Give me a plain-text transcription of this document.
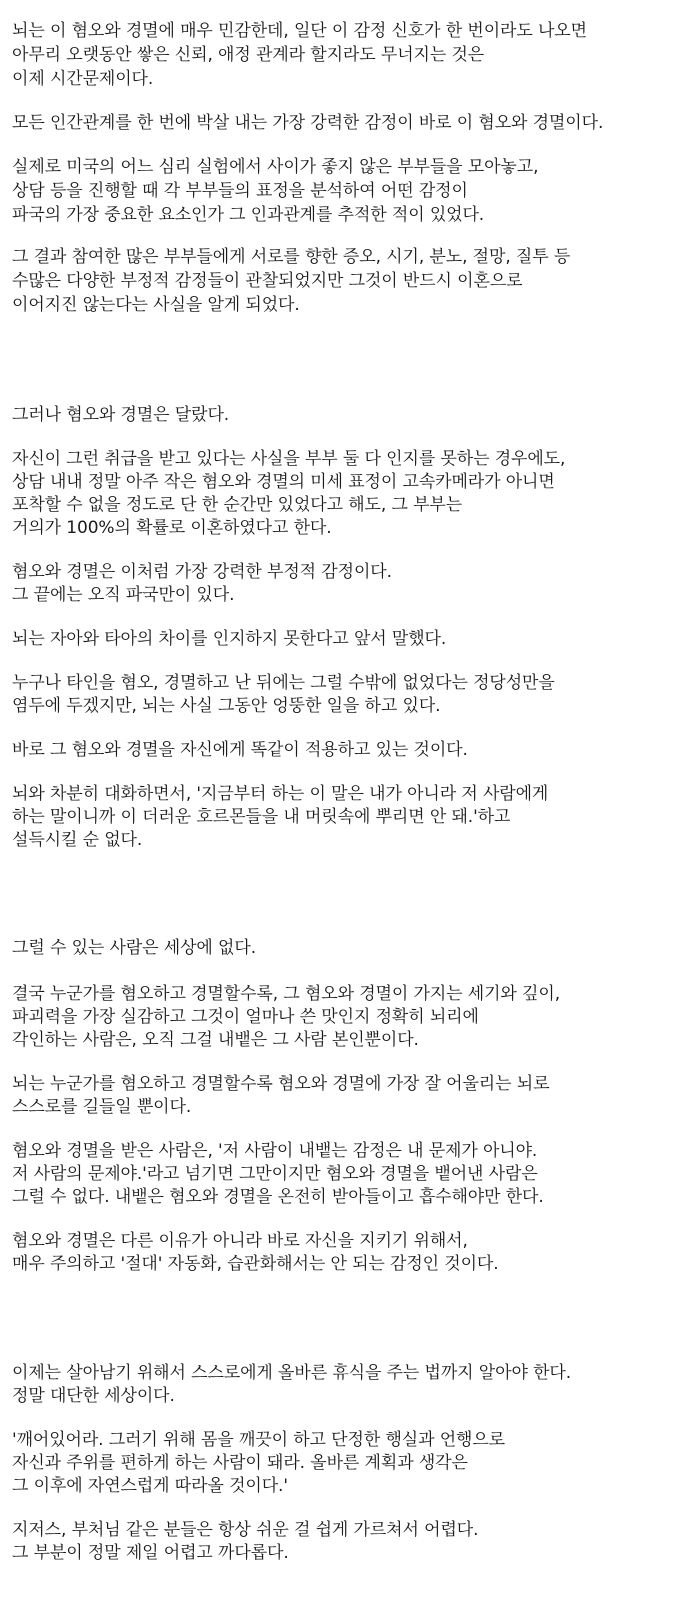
뇌는 이 혐오와 경멸에 매우 민감한데, 일단 이 감정 신호가 한 번이라도 나오면

아무리 오랫동안 쌓은 신뢰, 애정 관계라 할지라도 무너지는 것은

이제 시간문제이다.

모든 인간관계를 한 번에 박살 내는 가장 강력한 감정이 바로 이 혐오와 경멸이다.

실제로 미국의 어느 심리 실험에서 사이가 좋지 않은 부부들을 모아놓고,

상담 등을 진행할 때 각 부부들의 표정을 분석하여 어떤 감정이

파국의 가장 중요한 요소인가 그 인과관계를 추적한 적이 있었다.

그 결과 참여한 많은 부부들에게 서로를 향한 증오, 시기, 분노, 절망, 질투 등

수많은 다양한 부정적 감정들이 관찰되었지만 그것이 반드시 이혼으로

이어지진 않는다는 사실을 알게 되었다.

그러나 혐오와 경멸은 달랐다.

자신이 그런 취급을 받고 있다는 사실을 부부 둘 다 인지를 못하는 경우에도,

상담 내내 정말 아주 작은 혐오와 경멸의 미세 표정이 고속카메라가 아니면

포착할 수 없을 정도로 단 한 순간만 있었다고 해도, 그 부부는

거의가 100%의 확률로 이혼하였다고 한다.

혐오와 경멸은 이처럼 가장 강력한 부정적 감정이다.

그 끝에는 오직 파국만이 있다.

뇌는 자아와 타아의 차이를 인지하지 못한다고 앞서 말했다.

누구나 타인을 혐오, 경멸하고 난 뒤에는 그럴 수밖에 없었다는 정당성만을

염두에 두겠지만, 뇌는 사실 그동안 엉뚱한 일을 하고 있다.

바로 그 혐오와 경멸을 자신에게 똑같이 적용하고 있는 것이다.

뇌와 차분히 대화하면서, '지금부터 하는 이 말은 내가 아니라 저 사람에게

하는 말이니까 이 더러운 호르몬들을 내 머릿속에 뿌리면 안 돼.'하고

설득시킬 순 없다.

그럴 수 있는 사람은 세상에 없다.

결국 누군가를 혐오하고 경멸할수록, 그 혐오와 경멸이 가지는 세기와 깊이,

파괴력을 가장 실감하고 그것이 얼마나 쓴 맛인지 정확히 뇌리에

각인하는 사람은, 오직 그걸 내뱉은 그 사람 본인뿐이다.

뇌는 누군가를 혐오하고 경멸할수록 혐오와 경멸에 가장 잘 어울리는 뇌로

스스로를 길들일 뿐이다.

혐오와 경멸을 받은 사람은, '저 사람이 내뱉는 감정은 내 문제가 아니야.

저 사람의 문제야.'라고 넘기면 그만이지만 혐오와 경멸을 뱉어낸 사람은

그럴 수 없다. 내뱉은 혐오와 경멸을 온전히 받아들이고 흡수해야만 한다.

혐오와 경멸은 다른 이유가 아니라 바로 자신을 지키기 위해서,

매우 주의하고 '절대' 자동화, 습관화해서는 안 되는 감정인 것이다.

이제는 살아남기 위해서 스스로에게 올바른 휴식을 주는 법까지 알아야 한다.

정말 대단한 세상이다.

'깨어있어라. 그러기 위해 몸을 깨끗이 하고 단정한 행실과 언행으로

자신과 주위를 편하게 하는 사람이 돼라. 올바른 계획과 생각은

그 이후에 자연스럽게 따라올 것이다.'

지저스, 부처님 같은 분들은 항상 쉬운 걸 쉽게 가르쳐서 어렵다.

그 부분이 정말 제일 어렵고 까다롭다.
